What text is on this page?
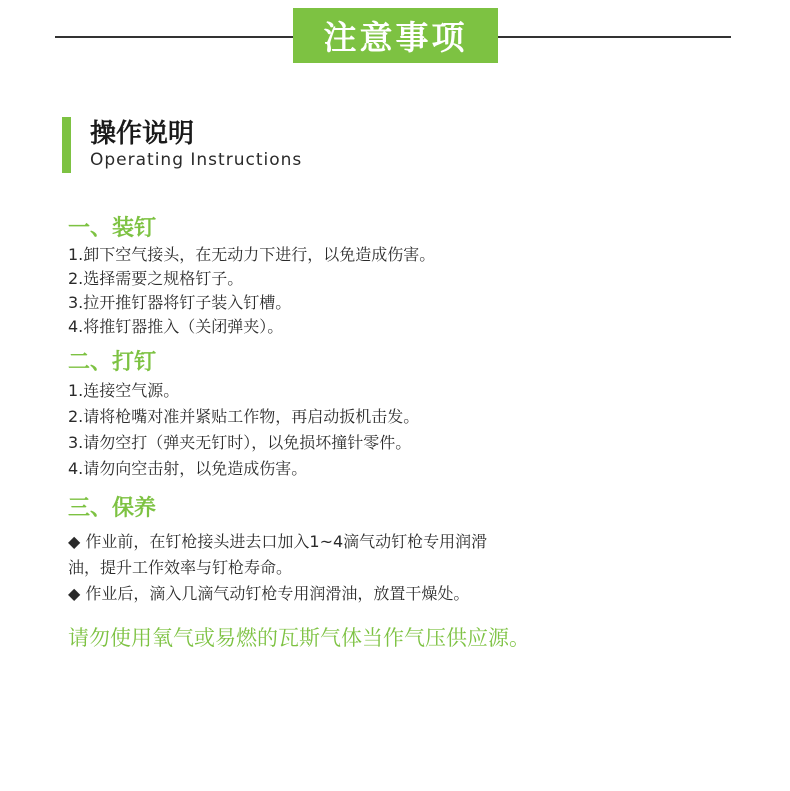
注意事项
操作说明
Operating Instructions
一、装钉
1.卸下空气接头，在无动力下进行，以免造成伤害。
2.选择需要之规格钉子。
3.拉开推钉器将钉子装入钉槽。
4.将推钉器推入（关闭弹夹）。
二、打钉
1.连接空气源。
2.请将枪嘴对准并紧贴工作物，再启动扳机击发。
3.请勿空打（弹夹无钉时），以免损坏撞针零件。
4.请勿向空击射，以免造成伤害。
三、保养
◆ 作业前，在钉枪接头进去口加入1~4滴气动钉枪专用润滑
油，提升工作效率与钉枪寿命。
◆ 作业后，滴入几滴气动钉枪专用润滑油，放置干燥处。
请勿使用氧气或易燃的瓦斯气体当作气压供应源。
